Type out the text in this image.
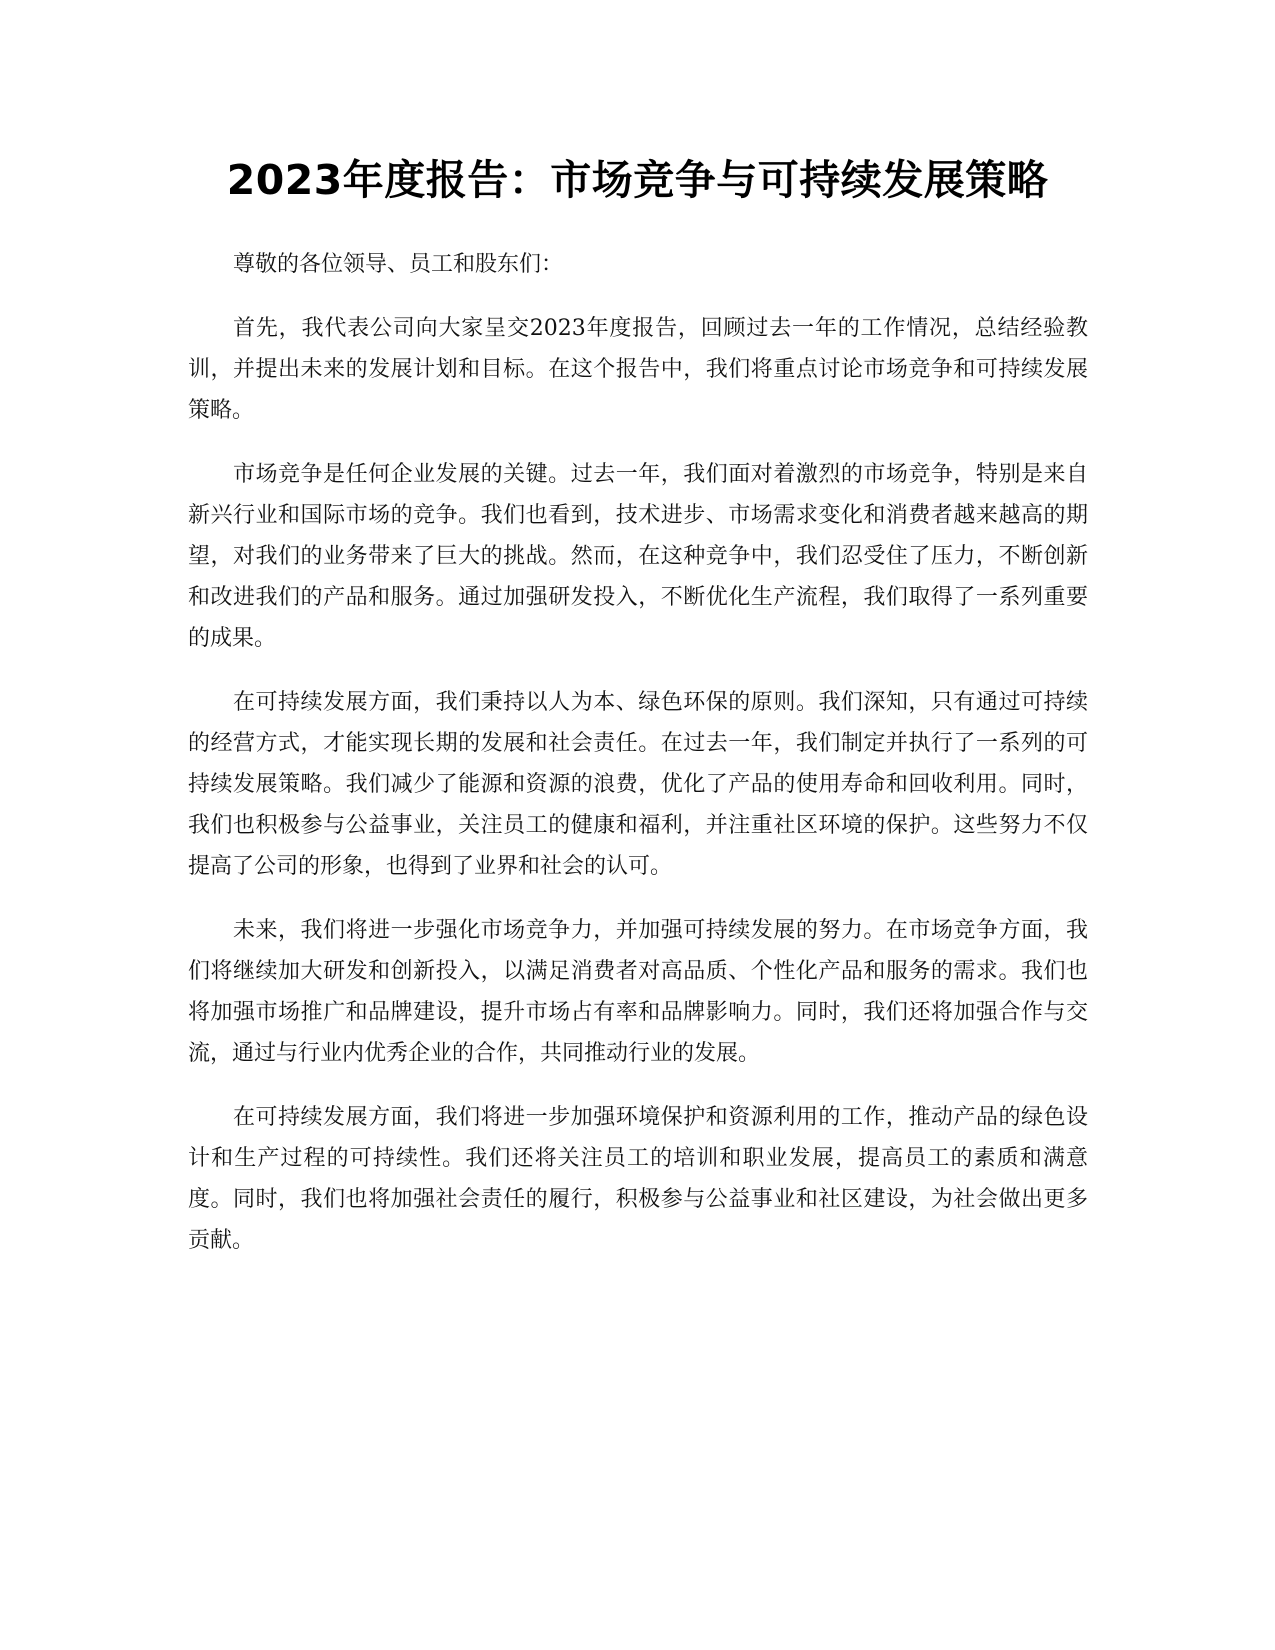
2023年度报告：市场竞争与可持续发展策略

尊敬的各位领导、员工和股东们：

首先，我代表公司向大家呈交2023年度报告，回顾过去一年的工作情况，总结经验教训，并提出未来的发展计划和目标。在这个报告中，我们将重点讨论市场竞争和可持续发展策略。

市场竞争是任何企业发展的关键。过去一年，我们面对着激烈的市场竞争，特别是来自新兴行业和国际市场的竞争。我们也看到，技术进步、市场需求变化和消费者越来越高的期望，对我们的业务带来了巨大的挑战。然而，在这种竞争中，我们忍受住了压力，不断创新和改进我们的产品和服务。通过加强研发投入，不断优化生产流程，我们取得了一系列重要的成果。

在可持续发展方面，我们秉持以人为本、绿色环保的原则。我们深知，只有通过可持续的经营方式，才能实现长期的发展和社会责任。在过去一年，我们制定并执行了一系列的可持续发展策略。我们减少了能源和资源的浪费，优化了产品的使用寿命和回收利用。同时，我们也积极参与公益事业，关注员工的健康和福利，并注重社区环境的保护。这些努力不仅提高了公司的形象，也得到了业界和社会的认可。

未来，我们将进一步强化市场竞争力，并加强可持续发展的努力。在市场竞争方面，我们将继续加大研发和创新投入，以满足消费者对高品质、个性化产品和服务的需求。我们也将加强市场推广和品牌建设，提升市场占有率和品牌影响力。同时，我们还将加强合作与交流，通过与行业内优秀企业的合作，共同推动行业的发展。

在可持续发展方面，我们将进一步加强环境保护和资源利用的工作，推动产品的绿色设计和生产过程的可持续性。我们还将关注员工的培训和职业发展，提高员工的素质和满意度。同时，我们也将加强社会责任的履行，积极参与公益事业和社区建设，为社会做出更多贡献。
